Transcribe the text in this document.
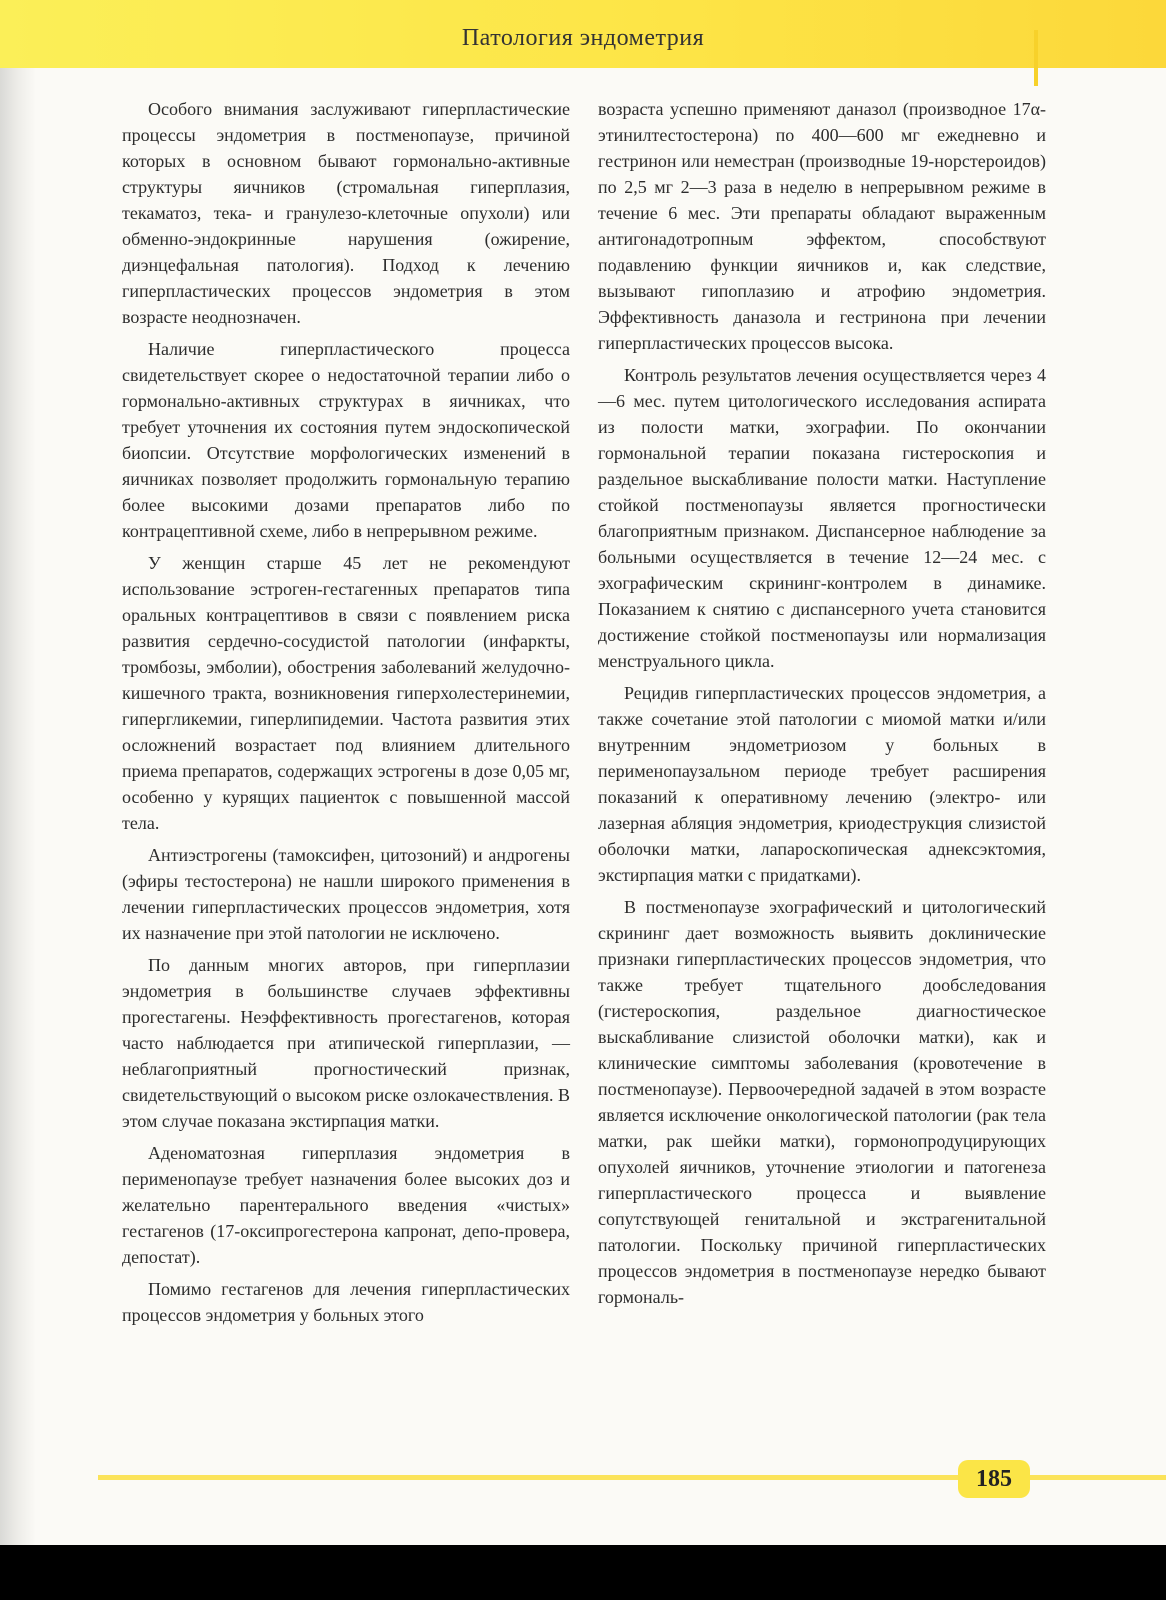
Патология эндометрия

Особого внимания заслуживают гиперпластические процессы эндометрия в постменопаузе, причиной которых в основном бывают гормонально-активные структуры яичников (стромальная гиперплазия, текаматоз, тека- и гранулезо-клеточные опухоли) или обменно-эндокринные нарушения (ожирение, диэнцефальная патология). Подход к лечению гиперпластических процессов эндометрия в этом возрасте неоднозначен.

Наличие гиперпластического процесса свидетельствует скорее о недостаточной терапии либо о гормонально-активных структурах в яичниках, что требует уточнения их состояния путем эндоскопической биопсии. Отсутствие морфологических изменений в яичниках позволяет продолжить гормональную терапию более высокими дозами препаратов либо по контрацептивной схеме, либо в непрерывном режиме.

У женщин старше 45 лет не рекомендуют использование эстроген-гестагенных препаратов типа оральных контрацептивов в связи с появлением риска развития сердечно-сосудистой патологии (инфаркты, тромбозы, эмболии), обострения заболеваний желудочно-кишечного тракта, возникновения гиперхолестеринемии, гипергликемии, гиперлипидемии. Частота развития этих осложнений возрастает под влиянием длительного приема препаратов, содержащих эстрогены в дозе 0,05 мг, особенно у курящих пациенток с повышенной массой тела.

Антиэстрогены (тамоксифен, цитозоний) и андрогены (эфиры тестостерона) не нашли широкого применения в лечении гиперпластических процессов эндометрия, хотя их назначение при этой патологии не исключено.

По данным многих авторов, при гиперплазии эндометрия в большинстве случаев эффективны прогестагены. Неэффективность прогестагенов, которая часто наблюдается при атипической гиперплазии, — неблагоприятный прогностический признак, свидетельствующий о высоком риске озлокачествления. В этом случае показана экстирпация матки.

Аденоматозная гиперплазия эндометрия в перименопаузе требует назначения более высоких доз и желательно парентерального введения «чистых» гестагенов (17-оксипрогестерона капронат, депо-провера, депостат).

Помимо гестагенов для лечения гиперпластических процессов эндометрия у больных этого

возраста успешно применяют даназол (производное 17α-этинилтестостерона) по 400—600 мг ежедневно и гестринон или неместран (производные 19-норстероидов) по 2,5 мг 2—3 раза в неделю в непрерывном режиме в течение 6 мес. Эти препараты обладают выраженным антигонадотропным эффектом, способствуют подавлению функции яичников и, как следствие, вызывают гипоплазию и атрофию эндометрия. Эффективность даназола и гестринона при лечении гиперпластических процессов высока.

Контроль результатов лечения осуществляется через 4—6 мес. путем цитологического исследования аспирата из полости матки, эхографии. По окончании гормональной терапии показана гистероскопия и раздельное выскабливание полости матки. Наступление стойкой постменопаузы является прогностически благоприятным признаком. Диспансерное наблюдение за больными осуществляется в течение 12—24 мес. с эхографическим скрининг-контролем в динамике. Показанием к снятию с диспансерного учета становится достижение стойкой постменопаузы или нормализация менструального цикла.

Рецидив гиперпластических процессов эндометрия, а также сочетание этой патологии с миомой матки и/или внутренним эндометриозом у больных в перименопаузальном периоде требует расширения показаний к оперативному лечению (электро- или лазерная абляция эндометрия, криодеструкция слизистой оболочки матки, лапароскопическая аднексэктомия, экстирпация матки с придатками).

В постменопаузе эхографический и цитологический скрининг дает возможность выявить доклинические признаки гиперпластических процессов эндометрия, что также требует тщательного дообследования (гистероскопия, раздельное диагностическое выскабливание слизистой оболочки матки), как и клинические симптомы заболевания (кровотечение в постменопаузе). Первоочередной задачей в этом возрасте является исключение онкологической патологии (рак тела матки, рак шейки матки), гормонопродуцирующих опухолей яичников, уточнение этиологии и патогенеза гиперпластического процесса и выявление сопутствующей генитальной и экстрагенитальной патологии. Поскольку причиной гиперпластических процессов эндометрия в постменопаузе нередко бывают гормональ-

185
